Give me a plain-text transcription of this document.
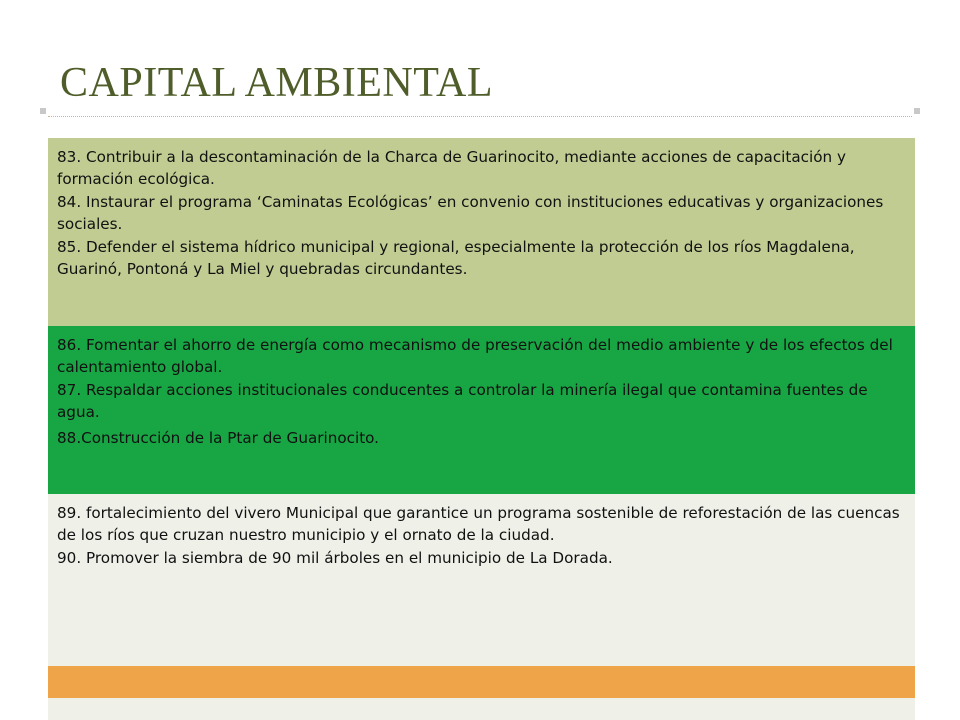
CAPITAL AMBIENTAL

83. Contribuir a la descontaminación de la Charca de Guarinocito, mediante acciones de capacitación y formación ecológica.

84. Instaurar el programa ‘Caminatas Ecológicas’ en convenio con instituciones educativas y organizaciones sociales.

85. Defender el sistema hídrico municipal y regional, especialmente la protección de los ríos Magdalena, Guarinó, Pontoná y La Miel y quebradas circundantes.

86. Fomentar el ahorro de energía como mecanismo de preservación del medio ambiente y de los efectos del calentamiento global.

87. Respaldar acciones institucionales conducentes a controlar la minería ilegal que contamina fuentes de agua.

88.Construcción de la Ptar de Guarinocito.

89. fortalecimiento del vivero Municipal que garantice un programa sostenible de reforestación de las cuencas de los ríos que cruzan nuestro municipio y el ornato de la ciudad.

90. Promover la siembra de 90 mil árboles en el municipio de La Dorada.
